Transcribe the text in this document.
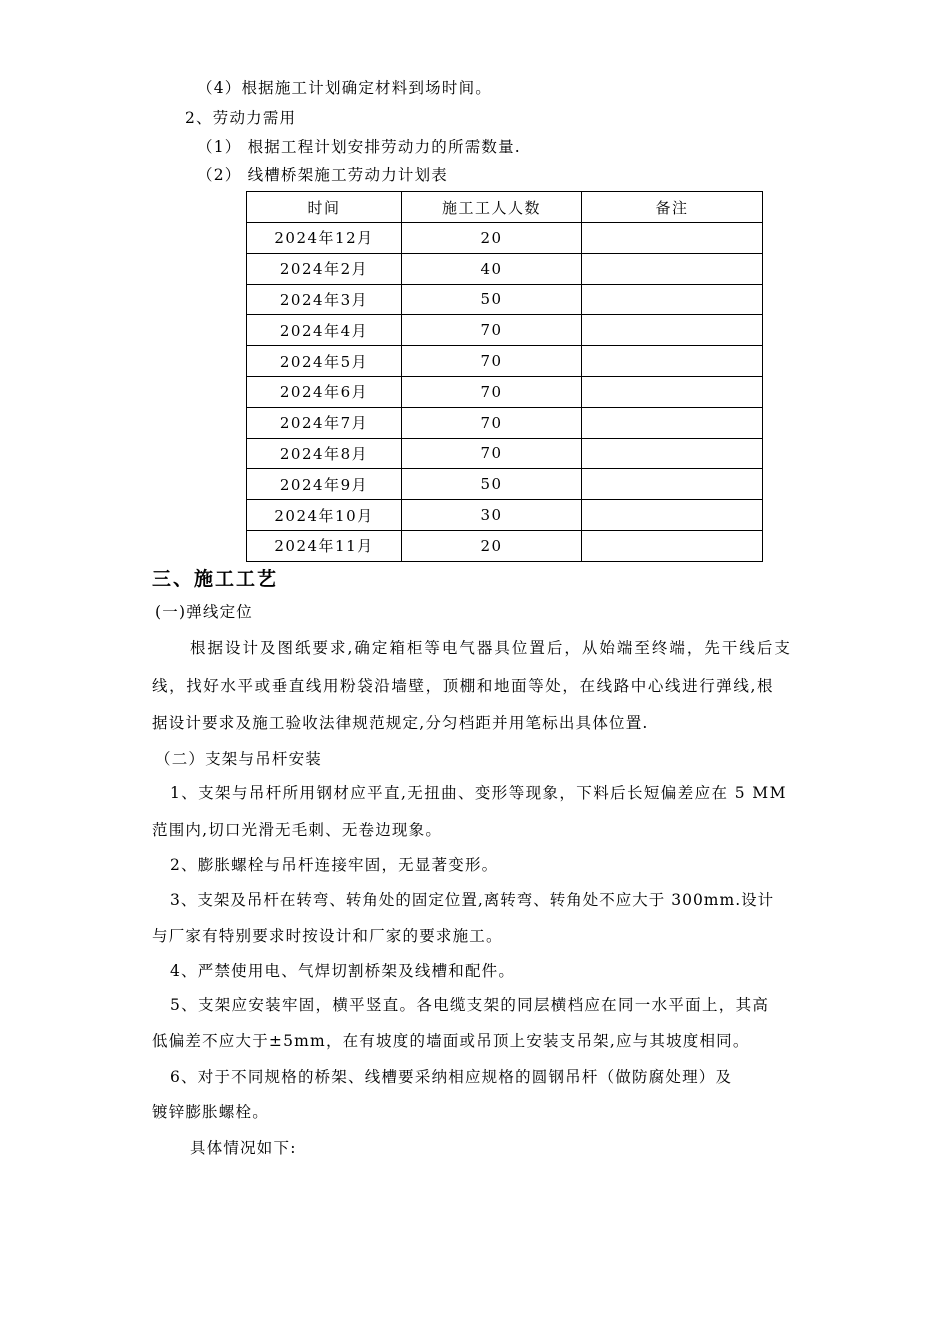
（4）根据施工计划确定材料到场时间。
2、劳动力需用
（1） 根据工程计划安排劳动力的所需数量.
（2） 线槽桥架施工劳动力计划表
时间	施工工人人数	备注
2024年12月	20	
2024年2月	40	
2024年3月	50	
2024年4月	70	
2024年5月	70	
2024年6月	70	
2024年7月	70	
2024年8月	70	
2024年9月	50	
2024年10月	30	
2024年11月	20	
三、施工工艺
(一)弹线定位
根据设计及图纸要求,确定箱柜等电气器具位置后，从始端至终端，先干线后支
线，找好水平或垂直线用粉袋沿墙壁，顶棚和地面等处，在线路中心线进行弹线,根
据设计要求及施工验收法律规范规定,分匀档距并用笔标出具体位置.
（二）支架与吊杆安装
1、支架与吊杆所用钢材应平直,无扭曲、变形等现象，下料后长短偏差应在 5 MM
范围内,切口光滑无毛刺、无卷边现象。
2、膨胀螺栓与吊杆连接牢固，无显著变形。
3、支架及吊杆在转弯、转角处的固定位置,离转弯、转角处不应大于 300mm.设计
与厂家有特别要求时按设计和厂家的要求施工。
4、严禁使用电、气焊切割桥架及线槽和配件。
5、支架应安装牢固，横平竖直。各电缆支架的同层横档应在同一水平面上，其高
低偏差不应大于±5mm，在有坡度的墙面或吊顶上安装支吊架,应与其坡度相同。
6、对于不同规格的桥架、线槽要采纳相应规格的圆钢吊杆（做防腐处理）及
镀锌膨胀螺栓。
具体情况如下:
